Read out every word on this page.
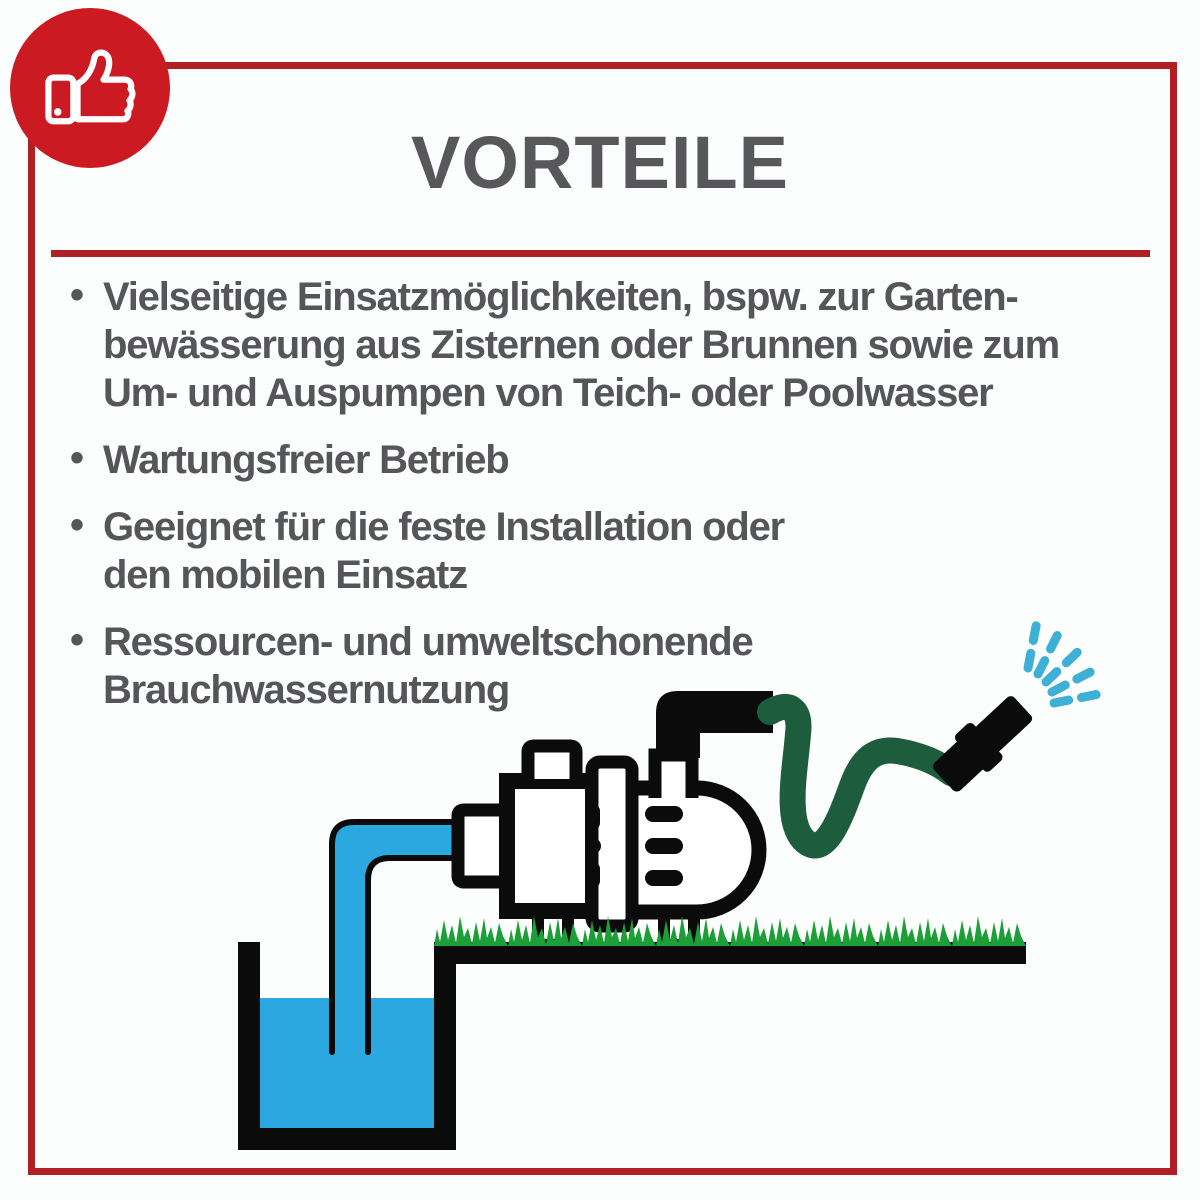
VORTEILE
• Vielseitige Einsatzmöglichkeiten, bspw. zur Garten-
bewässerung aus Zisternen oder Brunnen sowie zum
Um- und Auspumpen von Teich- oder Poolwasser
• Wartungsfreier Betrieb
• Geeignet für die feste Installation oder
den mobilen Einsatz
• Ressourcen- und umweltschonende
Brauchwassernutzung
